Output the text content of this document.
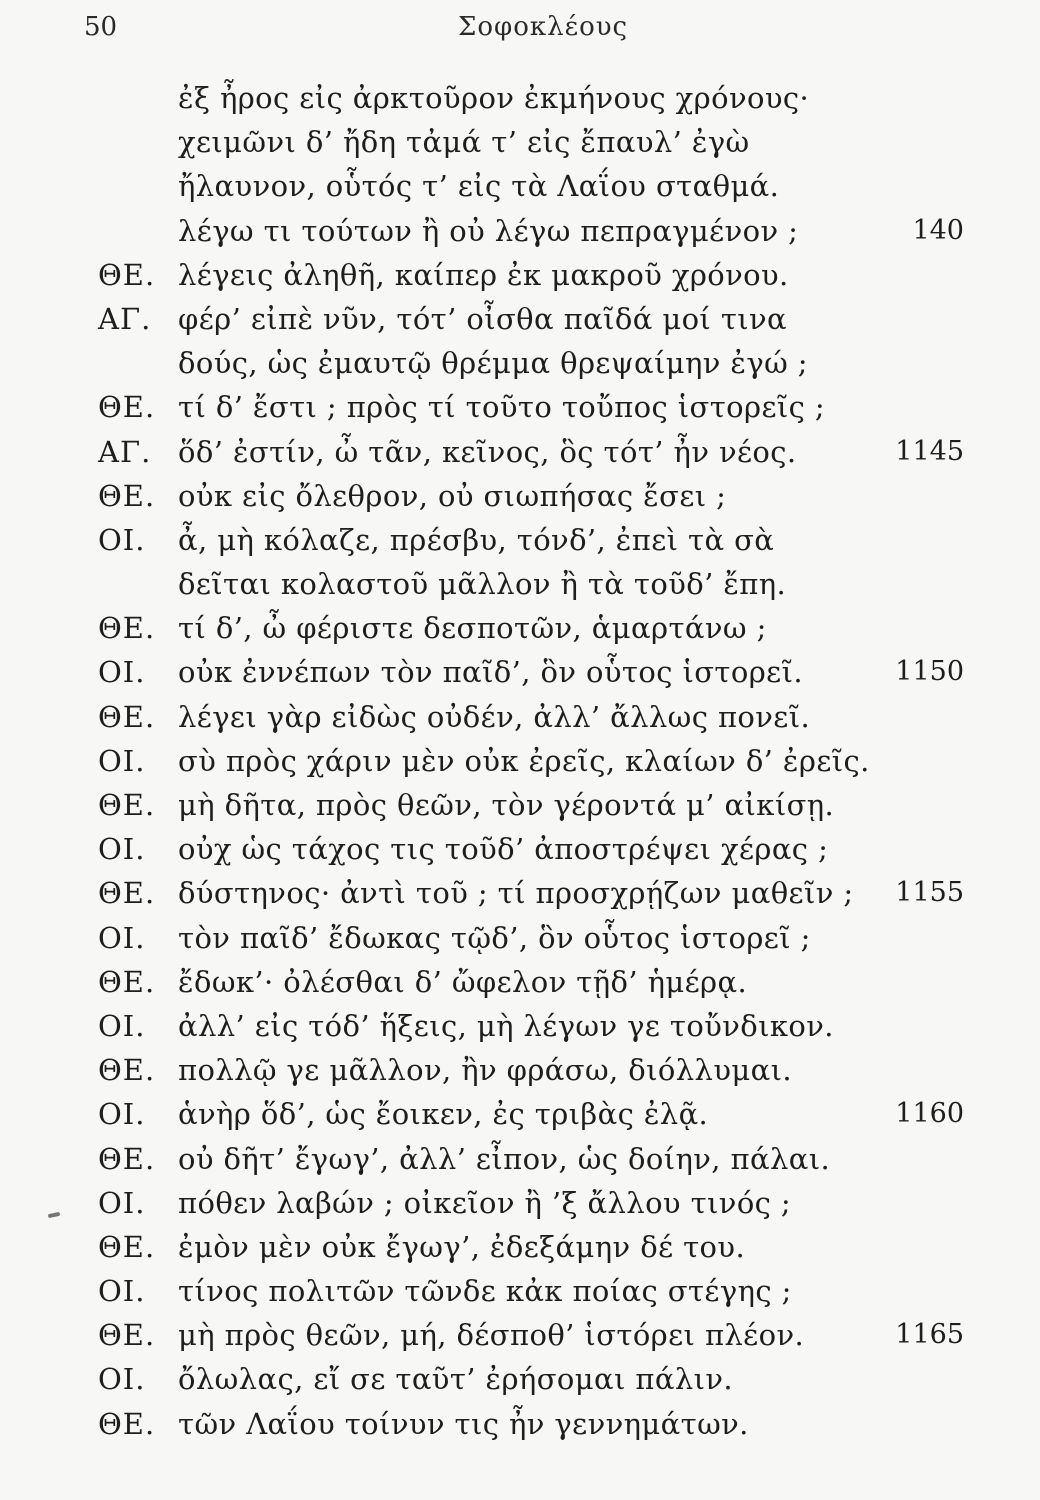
50	Σοφοκλέους
ἐξ ἦρος εἰς ἀρκτοῦρον ἐκμήνους χρόνους·
χειμῶνι δ’ ἤδη τἀμά τ’ εἰς ἔπαυλ’ ἐγὼ
ἤλαυνον, οὗτός τ’ εἰς τὰ Λαΐου σταθμά.
λέγω τι τούτων ἢ οὐ λέγω πεπραγμένον ;	140
ΘΕ. λέγεις ἀληθῆ, καίπερ ἐκ μακροῦ χρόνου.
ΑΓ. φέρ’ εἰπὲ νῦν, τότ’ οἶσθα παῖδά μοί τινα
δούς, ὡς ἐμαυτῷ θρέμμα θρεψαίμην ἐγώ ;
ΘΕ. τί δ’ ἔστι ; πρὸς τί τοῦτο τοὔπος ἱστορεῖς ;
ΑΓ. ὅδ’ ἐστίν, ὦ τᾶν, κεῖνος, ὃς τότ’ ἦν νέος.	1145
ΘΕ. οὐκ εἰς ὄλεθρον, οὐ σιωπήσας ἔσει ;
ΟΙ. ἆ, μὴ κόλαζε, πρέσβυ, τόνδ’, ἐπεὶ τὰ σὰ
δεῖται κολαστοῦ μᾶλλον ἢ τὰ τοῦδ’ ἔπη.
ΘΕ. τί δ’, ὦ φέριστε δεσποτῶν, ἁμαρτάνω ;
ΟΙ. οὐκ ἐννέπων τὸν παῖδ’, ὃν οὗτος ἱστορεῖ.	1150
ΘΕ. λέγει γὰρ εἰδὼς οὐδέν, ἀλλ’ ἄλλως πονεῖ.
ΟΙ. σὺ πρὸς χάριν μὲν οὐκ ἐρεῖς, κλαίων δ’ ἐρεῖς.
ΘΕ. μὴ δῆτα, πρὸς θεῶν, τὸν γέροντά μ’ αἰκίσῃ.
ΟΙ. οὐχ ὡς τάχος τις τοῦδ’ ἀποστρέψει χέρας ;
ΘΕ. δύστηνος· ἀντὶ τοῦ ; τί προσχρῄζων μαθεῖν ; 1155
ΟΙ. τὸν παῖδ’ ἔδωκας τῷδ’, ὃν οὗτος ἱστορεῖ ;
ΘΕ. ἔδωκ’· ὀλέσθαι δ’ ὤφελον τῇδ’ ἡμέρᾳ.
ΟΙ. ἀλλ’ εἰς τόδ’ ἥξεις, μὴ λέγων γε τοὔνδικον.
ΘΕ. πολλῷ γε μᾶλλον, ἢν φράσω, διόλλυμαι.
ΟΙ. ἁνὴρ ὅδ’, ὡς ἔοικεν, ἐς τριβὰς ἐλᾷ.	1160
ΘΕ. οὐ δῆτ’ ἔγωγ’, ἀλλ’ εἶπον, ὡς δοίην, πάλαι.
ΟΙ. πόθεν λαβών ; οἰκεῖον ἢ ’ξ ἄλλου τινός ;
ΘΕ. ἐμὸν μὲν οὐκ ἔγωγ’, ἐδεξάμην δέ του.
ΟΙ. τίνος πολιτῶν τῶνδε κἀκ ποίας στέγης ;
ΘΕ. μὴ πρὸς θεῶν, μή, δέσποθ’ ἱστόρει πλέον.	1165
ΟΙ. ὄλωλας, εἴ σε ταῦτ’ ἐρήσομαι πάλιν.
ΘΕ. τῶν Λαΐου τοίνυν τις ἦν γεννημάτων.
